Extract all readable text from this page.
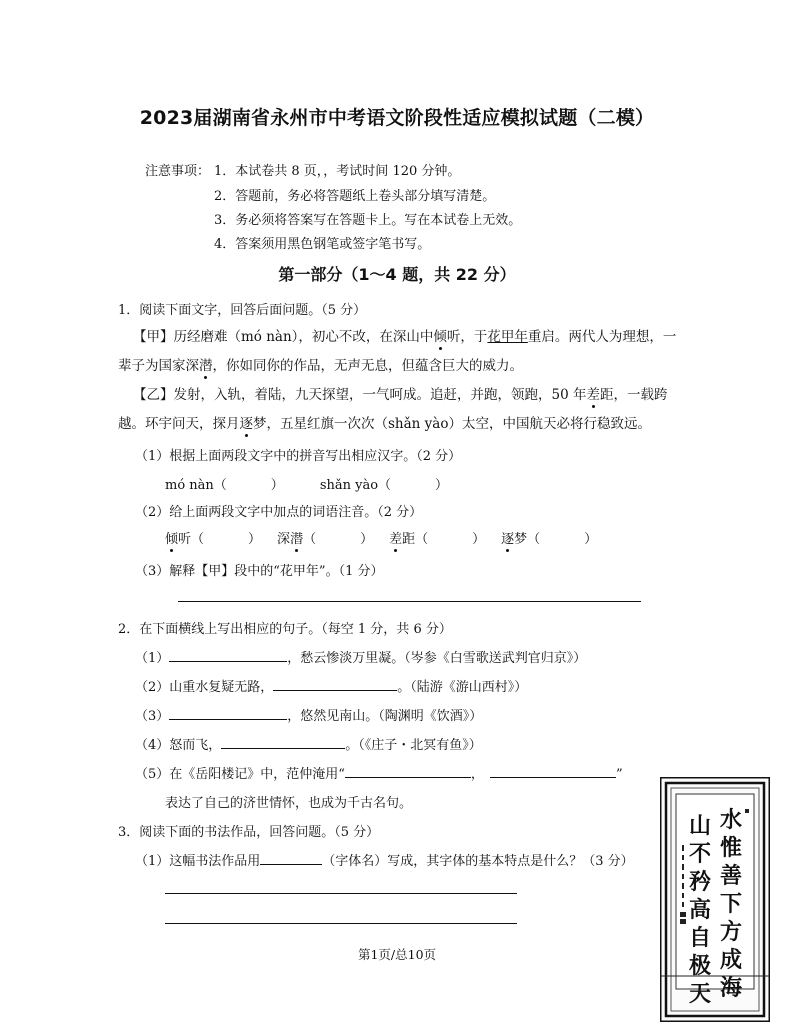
2023届湖南省永州市中考语文阶段性适应模拟试题（二模）
注意事项： 1．本试卷共 8 页，，考试时间 120 分钟。
2．答题前，务必将答题纸上卷头部分填写清楚。
3．务必须将答案写在答题卡上。写在本试卷上无效。
4．答案须用黑色钢笔或签字笔书写。
第一部分（1～4 题，共 22 分）
1．阅读下面文字，回答后面问题。（5 分）
【甲】历经磨难（mó nàn），初心不改，在深山中倾听，于花甲年重启。两代人为理想，一
辈子为国家深潜，你如同你的作品，无声无息，但蕴含巨大的威力。
【乙】发射，入轨，着陆，九天探望，一气呵成。追赶，并跑，领跑，50 年差距，一载跨
越。环宇问天，探月逐梦，五星红旗一次次（shǎn yào）太空，中国航天必将行稳致远。
（1）根据上面两段文字中的拼音写出相应汉字。（2 分）
mó nàn（	）	shǎn yào（	）
（2）给上面两段文字中加点的词语注音。（2 分）
倾听（	） 深潜（	） 差距（	） 逐梦（	）
（3）解释【甲】段中的“花甲年”。（1 分）
2．在下面横线上写出相应的句子。（每空 1 分，共 6 分）
（1）	，愁云惨淡万里凝。（岑参《白雪歌送武判官归京》）
（2）山重水复疑无路，	。（陆游《游山西村》）
（3）	，悠然见南山。（陶渊明《饮酒》）
（4）怒而飞，	。（《庄子・北冥有鱼》）
（5）在《岳阳楼记》中，范仲淹用“	，	”
表达了自己的济世情怀，也成为千古名句。
3．阅读下面的书法作品，回答问题。（5 分）
（1）这幅书法作品用	（字体名）写成，其字体的基本特点是什么？（3 分）
水
惟
善
下
方
成
海
山
不
矜
高
自
极
天
第1页/总10页
